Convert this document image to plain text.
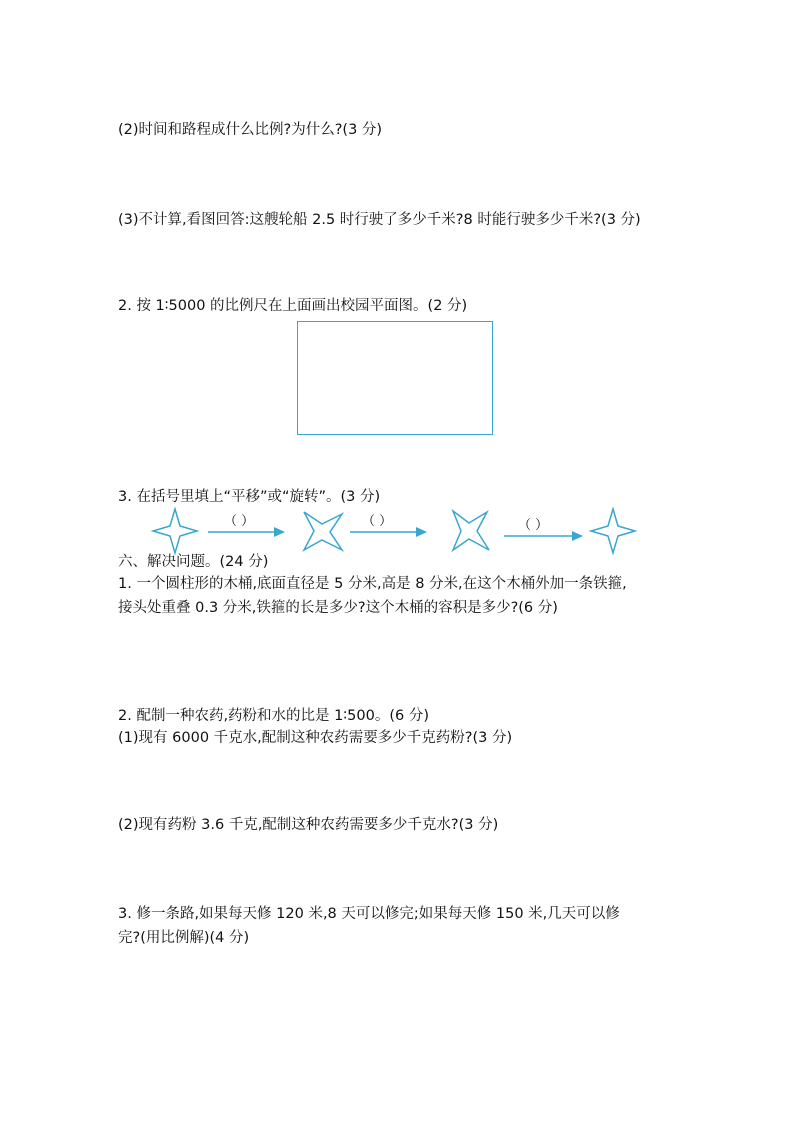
(2)时间和路程成什么比例?为什么?(3 分)
(3)不计算,看图回答:这艘轮船 2.5 时行驶了多少千米?8 时能行驶多少千米?(3 分)
2. 按 1∶5000 的比例尺在上面画出校园平面图。(2 分)
3. 在括号里填上“平移”或“旋转”。(3 分)
（ ）	（ ）	（ ）
六、解决问题。(24 分)
1. 一个圆柱形的木桶,底面直径是 5 分米,高是 8 分米,在这个木桶外加一条铁箍,
接头处重叠 0.3 分米,铁箍的长是多少?这个木桶的容积是多少?(6 分)
2. 配制一种农药,药粉和水的比是 1∶500。(6 分)
(1)现有 6000 千克水,配制这种农药需要多少千克药粉?(3 分)
(2)现有药粉 3.6 千克,配制这种农药需要多少千克水?(3 分)
3. 修一条路,如果每天修 120 米,8 天可以修完;如果每天修 150 米,几天可以修
完?(用比例解)(4 分)
